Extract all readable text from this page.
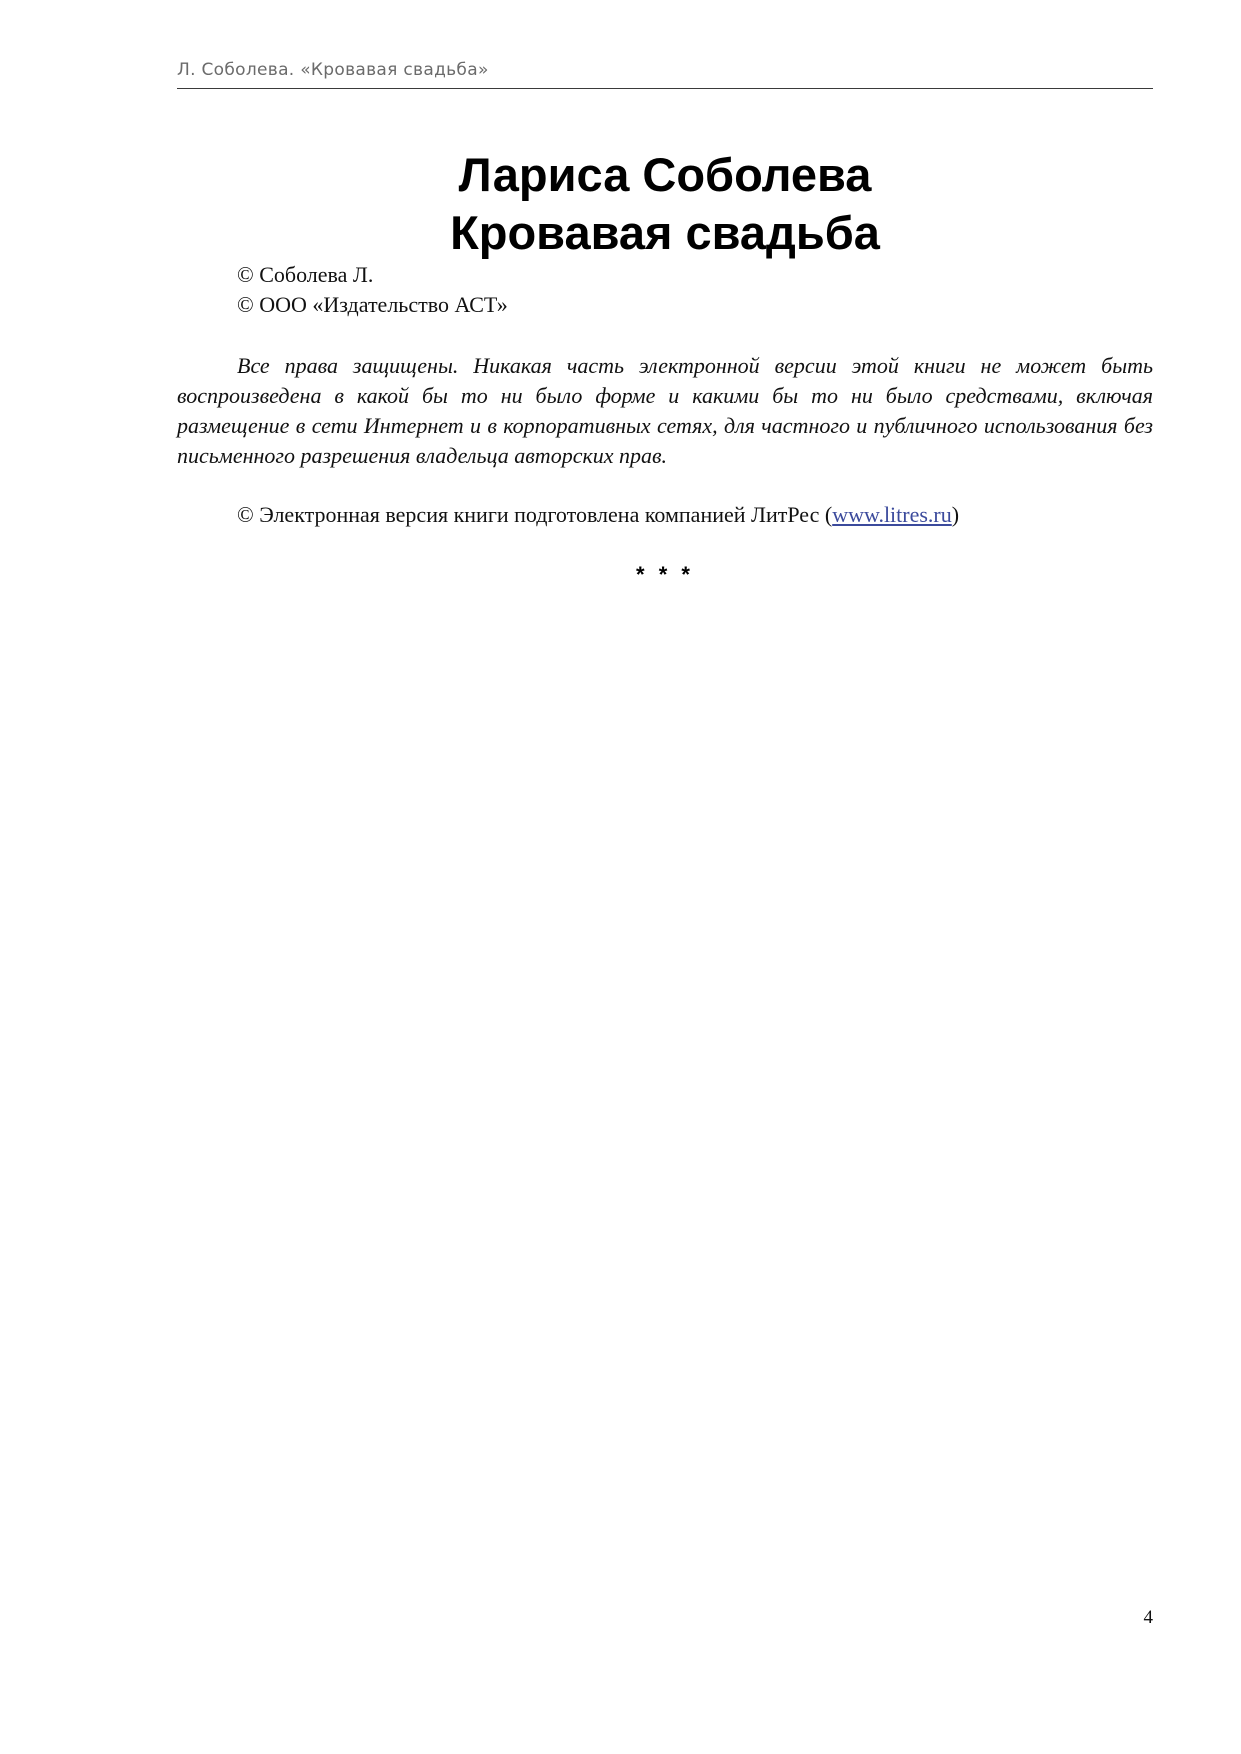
Л. Соболева. «Кровавая свадьба»
Лариса Соболева
Кровавая свадьба
© Соболева Л.
© ООО «Издательство АСТ»

Все права защищены. Никакая часть электронной версии этой книги не может быть воспроизведена в какой бы то ни было форме и какими бы то ни было средствами, включая размещение в сети Интернет и в корпоративных сетях, для частного и публичного использования без письменного разрешения владельца авторских прав.

© Электронная версия книги подготовлена компанией ЛитРес (www.litres.ru)
* * *
4
